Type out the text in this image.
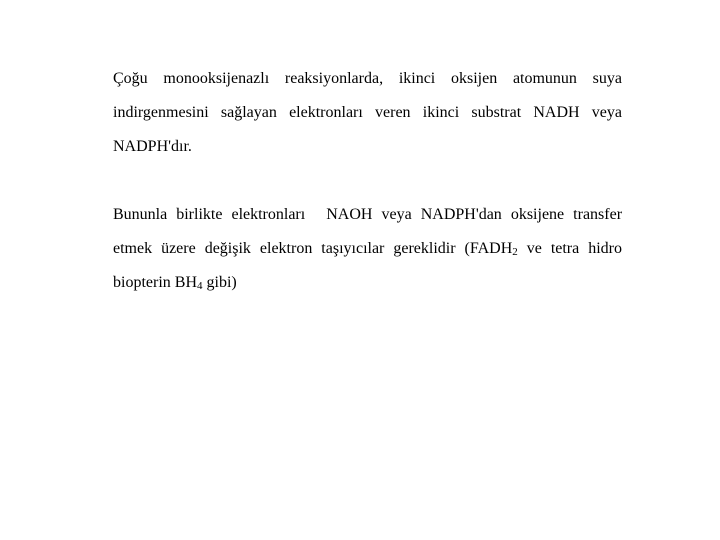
Çoğu monooksijenazlı reaksiyonlarda, ikinci oksijen atomunun suya indirgenmesini sağlayan elektronları veren ikinci substrat NADH veya NADPH'dır.

Bununla birlikte elektronları NAOH veya NADPH'dan oksijene transfer etmek üzere değişik elektron taşıyıcılar gereklidir ($FADH_2$ ve tetra hidro biopterin $BH_4$ gibi)
